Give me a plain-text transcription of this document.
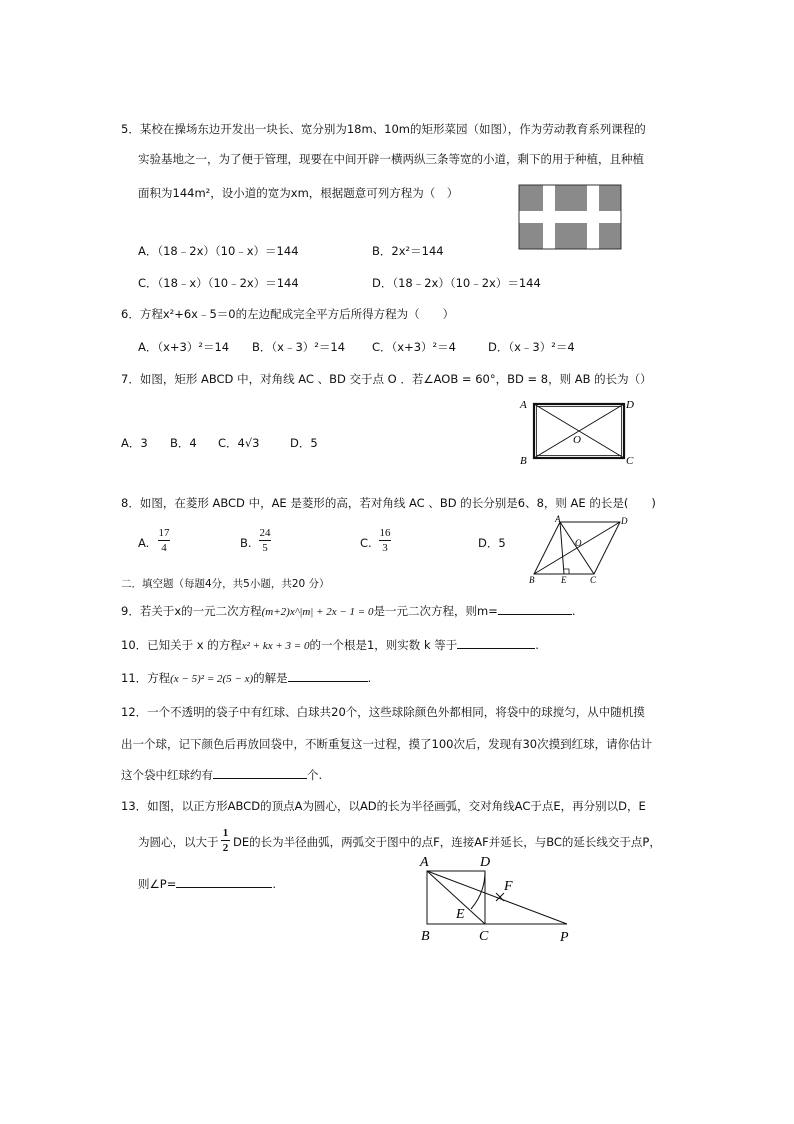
5．某校在操场东边开发出一块长、宽分别为18m、10m的矩形菜园（如图），作为劳动教育系列课程的
实验基地之一，为了便于管理，现要在中间开辟一横两纵三条等宽的小道，剩下的用于种植，且种植
面积为144m²，设小道的宽为xm，根据题意可列方程为（　）
A．（18﹣2x）（10﹣x）＝144	B．2x²＝144
C．（18﹣x）（10﹣2x）＝144	D．（18﹣2x）（10﹣2x）＝144
6．方程x²+6x﹣5＝0的左边配成完全平方后所得方程为（　　）
A．（x+3）²＝14 B．（x﹣3）²＝14 C．（x+3）²＝4	D．（x﹣3）²＝4
7．如图，矩形 ABCD 中，对角线 AC 、BD 交于点 O ．若∠AOB = 60°，BD = 8，则 AB 的长为（）
A	D
B	C
O
A．3 B．4 C．4√3	D．5
8．如图，在菱形 ABCD 中，AE 是菱形的高，若对角线 AC 、BD 的长分别是6、8，则 AE 的长是(　　)
A.
17
4	B.
24
5	C.
16
3	D．5
A	D
B	E	C
O
二．填空题（每题4分，共5小题，共20 分）
9．若关于x的一元二次方程(m+2)x^|m| + 2x − 1 = 0是一元二次方程，则m=	.
10．已知关于 x 的方程x² + kx + 3 = 0的一个根是1，则实数 k 等于	.
11．方程(x − 5)² = 2(5 − x)的解是	.
12．一个不透明的袋子中有红球、白球共20个，这些球除颜色外都相同，将袋中的球搅匀，从中随机摸
出一个球，记下颜色后再放回袋中，不断重复这一过程，摸了100次后，发现有30次摸到红球，请你估计
这个袋中红球约有	个.
13．如图，以正方形ABCD的顶点A为圆心，以AD的长为半径画弧，交对角线AC于点E，再分别以D，E
为圆心，以大于
1
2 DE的长为半径曲弧，两弧交于图中的点F，连接AF并延长，与BC的延长线交于点P，
则∠P=	.
A	D
B	C
E
F
P
